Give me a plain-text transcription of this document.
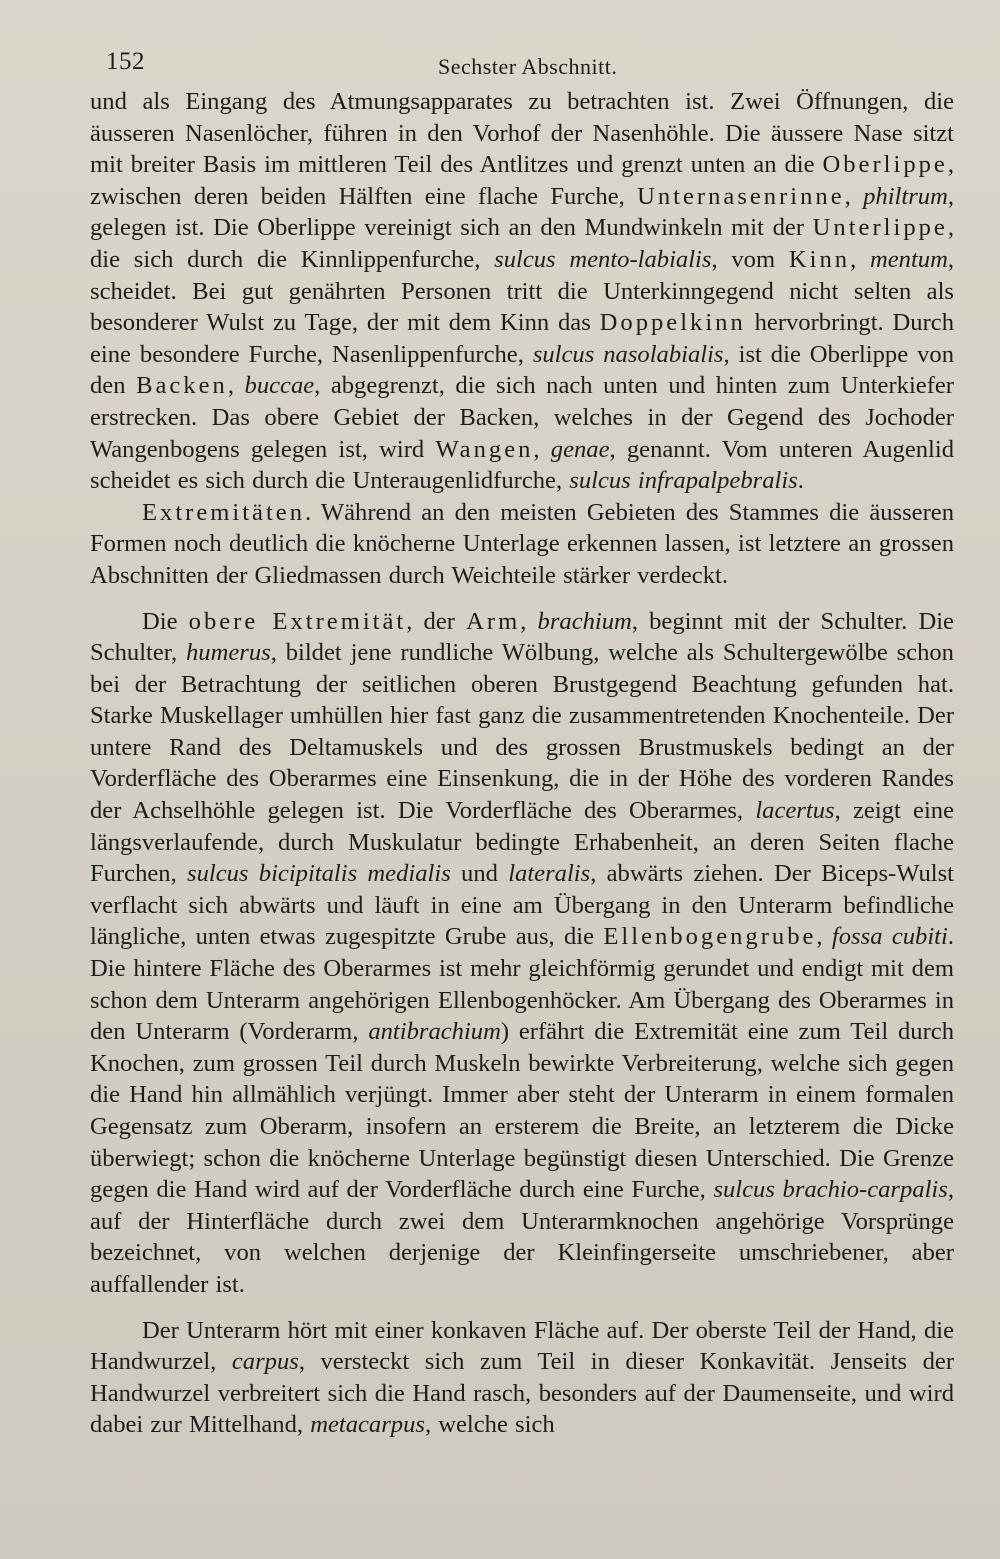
152	Sechster Abschnitt.

und als Eingang des Atmungsapparates zu betrachten ist. Zwei Öffnungen, die äusseren Nasenlöcher, führen in den Vorhof der Nasenhöhle. Die äussere Nase sitzt mit breiter Basis im mittleren Teil des Antlitzes und grenzt unten an die Oberlippe, zwischen deren beiden Hälften eine flache Furche, Unternasenrinne, philtrum, gelegen ist. Die Oberlippe vereinigt sich an den Mundwinkeln mit der Unterlippe, die sich durch die Kinnlippenfurche, sulcus mento-labialis, vom Kinn, mentum, scheidet. Bei gut genährten Personen tritt die Unterkinngegend nicht selten als besonderer Wulst zu Tage, der mit dem Kinn das Doppelkinn hervorbringt. Durch eine besondere Furche, Nasenlippenfurche, sulcus nasolabialis, ist die Oberlippe von den Backen, buccae, abgegrenzt, die sich nach unten und hinten zum Unterkiefer erstrecken. Das obere Gebiet der Backen, welches in der Gegend des Jochoder Wangenbogens gelegen ist, wird Wangen, genae, genannt. Vom unteren Augenlid scheidet es sich durch die Unteraugenlidfurche, sulcus infrapalpebralis.

Extremitäten. Während an den meisten Gebieten des Stammes die äusseren Formen noch deutlich die knöcherne Unterlage erkennen lassen, ist letztere an grossen Abschnitten der Gliedmassen durch Weichteile stärker verdeckt.

Die obere Extremität, der Arm, brachium, beginnt mit der Schulter. Die Schulter, humerus, bildet jene rundliche Wölbung, welche als Schultergewölbe schon bei der Betrachtung der seitlichen oberen Brustgegend Beachtung gefunden hat. Starke Muskellager umhüllen hier fast ganz die zusammentretenden Knochenteile. Der untere Rand des Deltamuskels und des grossen Brustmuskels bedingt an der Vorderfläche des Oberarmes eine Einsenkung, die in der Höhe des vorderen Randes der Achselhöhle gelegen ist. Die Vorderfläche des Oberarmes, lacertus, zeigt eine längsverlaufende, durch Muskulatur bedingte Erhabenheit, an deren Seiten flache Furchen, sulcus bicipitalis medialis und lateralis, abwärts ziehen. Der Biceps-Wulst verflacht sich abwärts und läuft in eine am Übergang in den Unterarm befindliche längliche, unten etwas zugespitzte Grube aus, die Ellenbogengrube, fossa cubiti. Die hintere Fläche des Oberarmes ist mehr gleichförmig gerundet und endigt mit dem schon dem Unterarm angehörigen Ellenbogenhöcker. Am Übergang des Oberarmes in den Unterarm (Vorderarm, antibrachium) erfährt die Extremität eine zum Teil durch Knochen, zum grossen Teil durch Muskeln bewirkte Verbreiterung, welche sich gegen die Hand hin allmählich verjüngt. Immer aber steht der Unterarm in einem formalen Gegensatz zum Oberarm, insofern an ersterem die Breite, an letzterem die Dicke überwiegt; schon die knöcherne Unterlage begünstigt diesen Unterschied. Die Grenze gegen die Hand wird auf der Vorderfläche durch eine Furche, sulcus brachio-carpalis, auf der Hinterfläche durch zwei dem Unterarmknochen angehörige Vorsprünge bezeichnet, von welchen derjenige der Kleinfingerseite umschriebener, aber auffallender ist.

Der Unterarm hört mit einer konkaven Fläche auf. Der oberste Teil der Hand, die Handwurzel, carpus, versteckt sich zum Teil in dieser Konkavität. Jenseits der Handwurzel verbreitert sich die Hand rasch, besonders auf der Daumenseite, und wird dabei zur Mittelhand, metacarpus, welche sich
